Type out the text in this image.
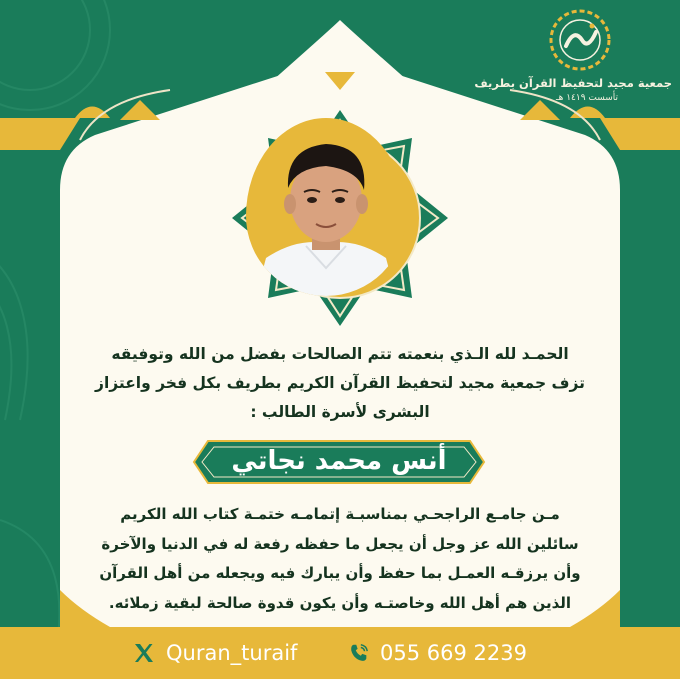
جمعية مجيد لتحفيظ القرآن بطريف
تأسست ١٤١٩ هـ
الحمـد لله الـذي بنعمته تتم الصالحات بفضل من الله وتوفيقه
تزف جمعية مجيد لتحفيظ القرآن الكريم بطريف بكل فخر واعتزاز
البشرى لأسرة الطالب :
أنس محمد نجاتي
مـن جامـع الراجحـي بمناسبـة إتمامـه ختمـة كتاب الله الكريم
سائلين الله عز وجل أن يجعل ما حفظه رفعة له في الدنيا والآخرة
وأن يرزقـه العمـل بما حفظ وأن يبارك فيه ويجعله من أهل القرآن
الذين هم أهل الله وخاصتـه وأن يكون قدوة صالحة لبقية زملائه.
Quran_turaif	055 669 2239
